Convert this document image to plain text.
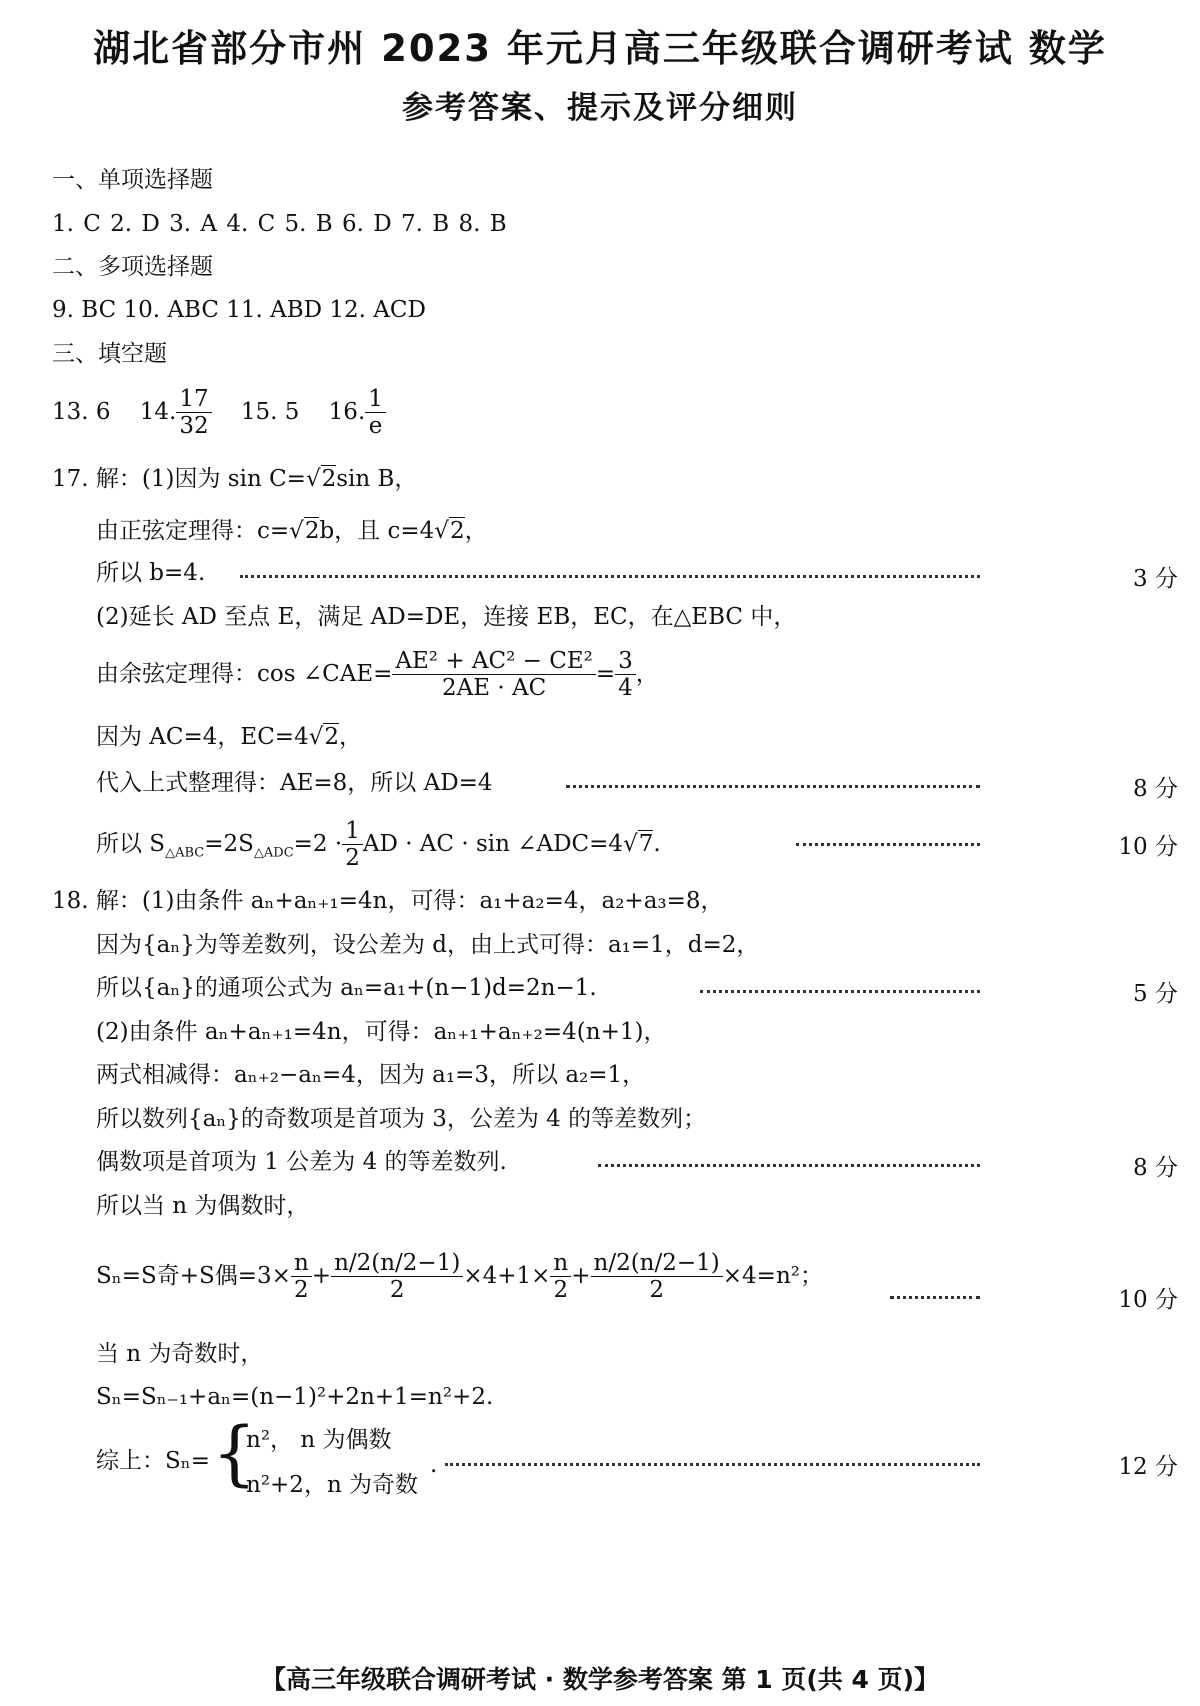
湖北省部分市州 2023 年元月高三年级联合调研考试 数学
参考答案、提示及评分细则
一、单项选择题
1. C 2. D 3. A 4. C 5. B 6. D 7. B 8. B
二、多项选择题
9. BC 10. ABC 11. ABD 12. ACD
三、填空题
13. 6 14. $\frac{17}{32} 15$. 5 16. $\frac{1}{e}$
17. 解：(1)因为 sin C=√2sin B，
由正弦定理得：c=√2b，且 c=4√2，
所以 b=4.	3 分
(2)延长 AD 至点 E，满足 AD=DE，连接 EB，EC，在△EBC 中，
由余弦定理得：cos ∠CAE= $\frac{\text{AE² + AC² − CE²}}{2AE \cdot AC} = \frac{3}{4}$ ，
因为 AC=4，EC=4√2，
代入上式整理得：AE=8，所以 AD=4	8 分
所以 $S_{\triangle ABC}=2S_{\triangle ADC}=2 \cdot \frac{1}{2}$ AD · AC · sin ∠ADC=4√7.	10 分
18. 解：(1)由条件 aₙ+aₙ₊₁=4n，可得：a₁+a₂=4，a₂+a₃=8，
因为{aₙ}为等差数列，设公差为 d，由上式可得：a₁=1，d=2，
所以{aₙ}的通项公式为 aₙ=a₁+(n−1)d=2n−1.	5 分
(2)由条件 aₙ+aₙ₊₁=4n，可得：aₙ₊₁+aₙ₊₂=4(n+1)，
两式相减得：aₙ₊₂−aₙ=4，因为 a₁=3，所以 a₂=1，
所以数列{aₙ}的奇数项是首项为 3，公差为 4 的等差数列；
偶数项是首项为 1 公差为 4 的等差数列.	8 分
所以当 n 为偶数时，
Sₙ=S奇+S偶$=3\times \frac{n}{2} + \frac{n/2(n/2-1)}{2} \times 4+1\times \frac{n}{2} + \frac{n/2(n/2-1)}{2} \times 4=n^2$；
10 分
当 n 为奇数时，
Sₙ=Sₙ₋₁+aₙ=(n−1)²+2n+1=n²+2.
综上：Sₙ= {
n²， n 为偶数
n²+2，n 为奇数
.	12 分
【高三年级联合调研考试 · 数学参考答案 第 1 页(共 4 页)】
